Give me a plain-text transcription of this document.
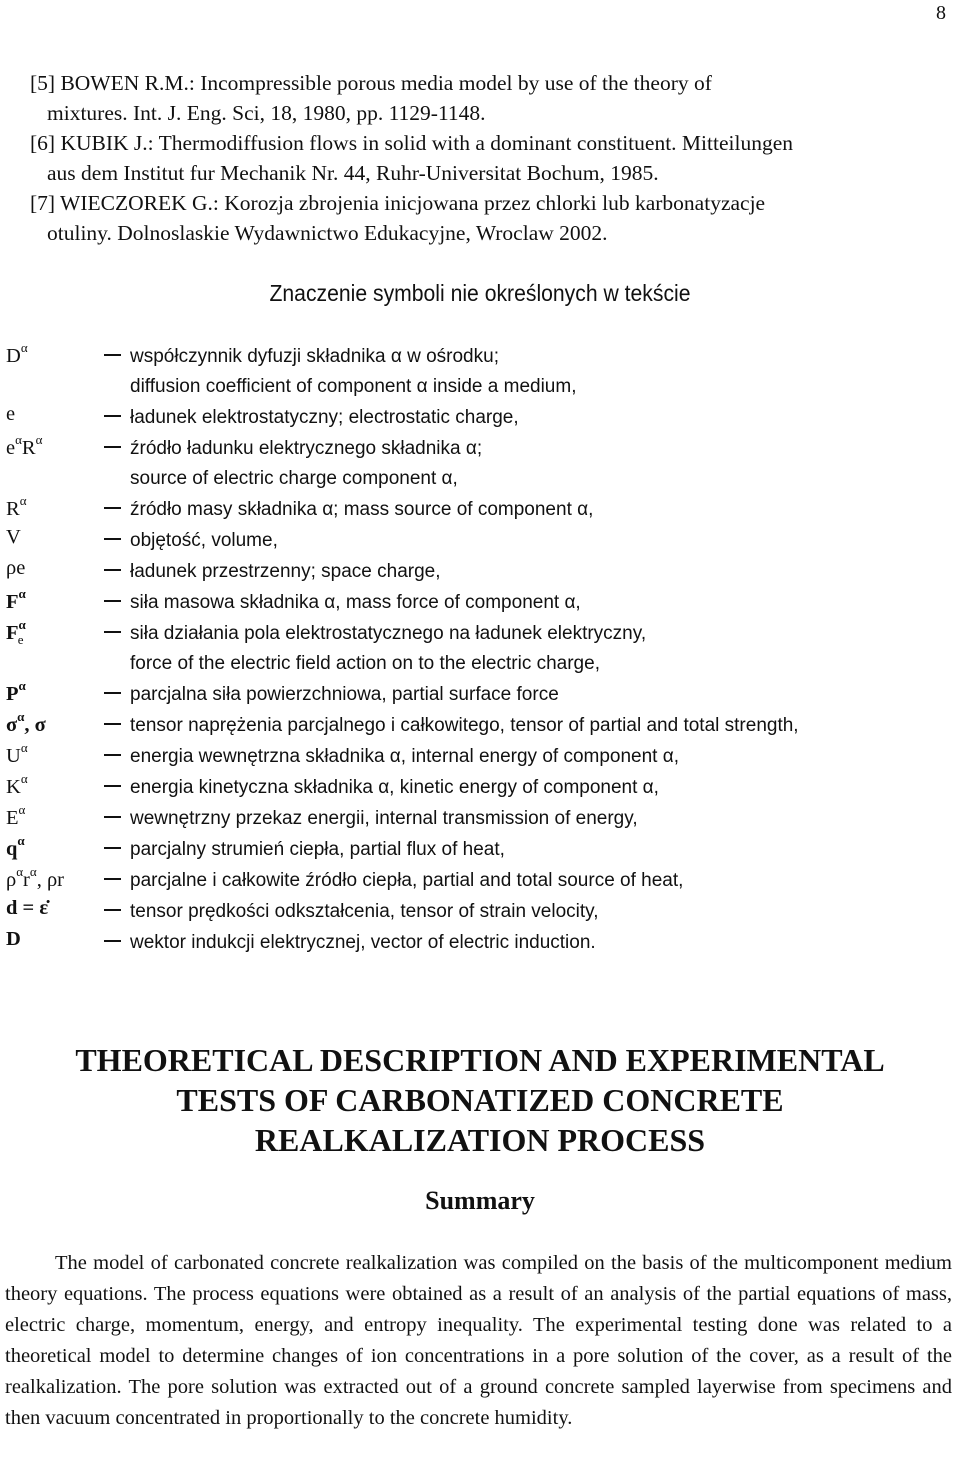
8
[5] BOWEN R.M.: Incompressible porous media model by use of the theory of
mixtures. Int. J. Eng. Sci, 18, 1980, pp. 1129-1148.
[6] KUBIK J.: Thermodiffusion flows in solid with a dominant constituent. Mitteilungen
aus dem Institut fur Mechanik Nr. 44, Ruhr-Universitat Bochum, 1985.
[7] WIECZOREK G.: Korozja zbrojenia inicjowana przez chlorki lub karbonatyzacje
otuliny. Dolnoslaskie Wydawnictwo Edukacyjne, Wroclaw 2002.
Znaczenie symboli nie określonych w tekście
$D^\alpha$	współczynnik dyfuzji składnika α w ośrodku;
diffusion coefficient of component α inside a medium,
e	ładunek elektrostatyczny; electrostatic charge,
$e^\alpha R^\alpha$	źródło ładunku elektrycznego składnika α;
source of electric charge component α,
$R^\alpha$	źródło masy składnika α; mass source of component α,
V	objętość, volume,
ρe	ładunek przestrzenny; space charge,
$F^\alpha$	siła masowa składnika α, mass force of component α,
$F^\alpha_e$	siła działania pola elektrostatycznego na ładunek elektryczny,
force of the electric field action on to the electric charge,
$P^\alpha$	parcjalna siła powierzchniowa, partial surface force
$\sigma^\alpha$, σ	tensor naprężenia parcjalnego i całkowitego, tensor of partial and total strength,
$U^\alpha$	energia wewnętrzna składnika α, internal energy of component α,
$K^\alpha$	energia kinetyczna składnika α, kinetic energy of component α,
$E^\alpha$	wewnętrzny przekaz energii, internal transmission of energy,
$q^\alpha$	parcjalny strumień ciepła, partial flux of heat,
$\rho^\alpha r^\alpha$, ρr	parcjalne i całkowite źródło ciepła, partial and total source of heat,
d = ε̇	tensor prędkości odkształcenia, tensor of strain velocity,
D	wektor indukcji elektrycznej, vector of electric induction.
THEORETICAL DESCRIPTION AND EXPERIMENTAL
TESTS OF CARBONATIZED CONCRETE
REALKALIZATION PROCESS
Summary
The model of carbonated concrete realkalization was compiled on the basis of the multicomponent medium theory equations. The process equations were obtained as a result of an analysis of the partial equations of mass, electric charge, momentum, energy, and entropy inequality. The experimental testing done was related to a theoretical model to determine changes of ion concentrations in a pore solution of the cover, as a result of the realkalization. The pore solution was extracted out of a ground concrete sampled layerwise from specimens and then vacuum concentrated in proportionally to the concrete humidity.
